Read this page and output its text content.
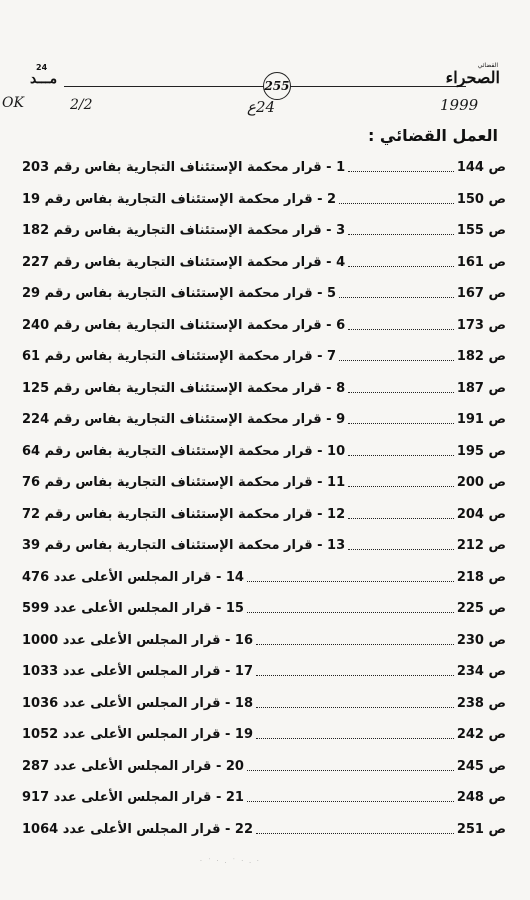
24
مـــد	255
القضائي
الصحراء
OK	2/2	24ع	1999
العمل القضائي :
1 - قرار محكمة الإستئناف التجارية بفاس رقم 203	ص 144
2 - قرار محكمة الإستئناف التجارية بفاس رقم 19	ص 150
3 - قرار محكمة الإستئناف التجارية بفاس رقم 182	ص 155
4 - قرار محكمة الإستئناف التجارية بفاس رقم 227	ص 161
5 - قرار محكمة الإستئناف التجارية بفاس رقم 29	ص 167
6 - قرار محكمة الإستئناف التجارية بفاس رقم 240	ص 173
7 - قرار محكمة الإستئناف التجارية بفاس رقم 61	ص 182
8 - قرار محكمة الإستئناف التجارية بفاس رقم 125	ص 187
9 - قرار محكمة الإستئناف التجارية بفاس رقم 224	ص 191
10 - قرار محكمة الإستئناف التجارية بفاس رقم 64	ص 195
11 - قرار محكمة الإستئناف التجارية بفاس رقم 76	ص 200
12 - قرار محكمة الإستئناف التجارية بفاس رقم 72	ص 204
13 - قرار محكمة الإستئناف التجارية بفاس رقم 39	ص 212
14 - قرار المجلس الأعلى عدد 476	ص 218
15 - قرار المجلس الأعلى عدد 599	ص 225
16 - قرار المجلس الأعلى عدد 1000	ص 230
17 - قرار المجلس الأعلى عدد 1033	ص 234
18 - قرار المجلس الأعلى عدد 1036	ص 238
19 - قرار المجلس الأعلى عدد 1052	ص 242
20 - قرار المجلس الأعلى عدد 287	ص 245
21 - قرار المجلس الأعلى عدد 917	ص 248
22 - قرار المجلس الأعلى عدد 1064	ص 251
· ˙ · . ˙ · . ·
